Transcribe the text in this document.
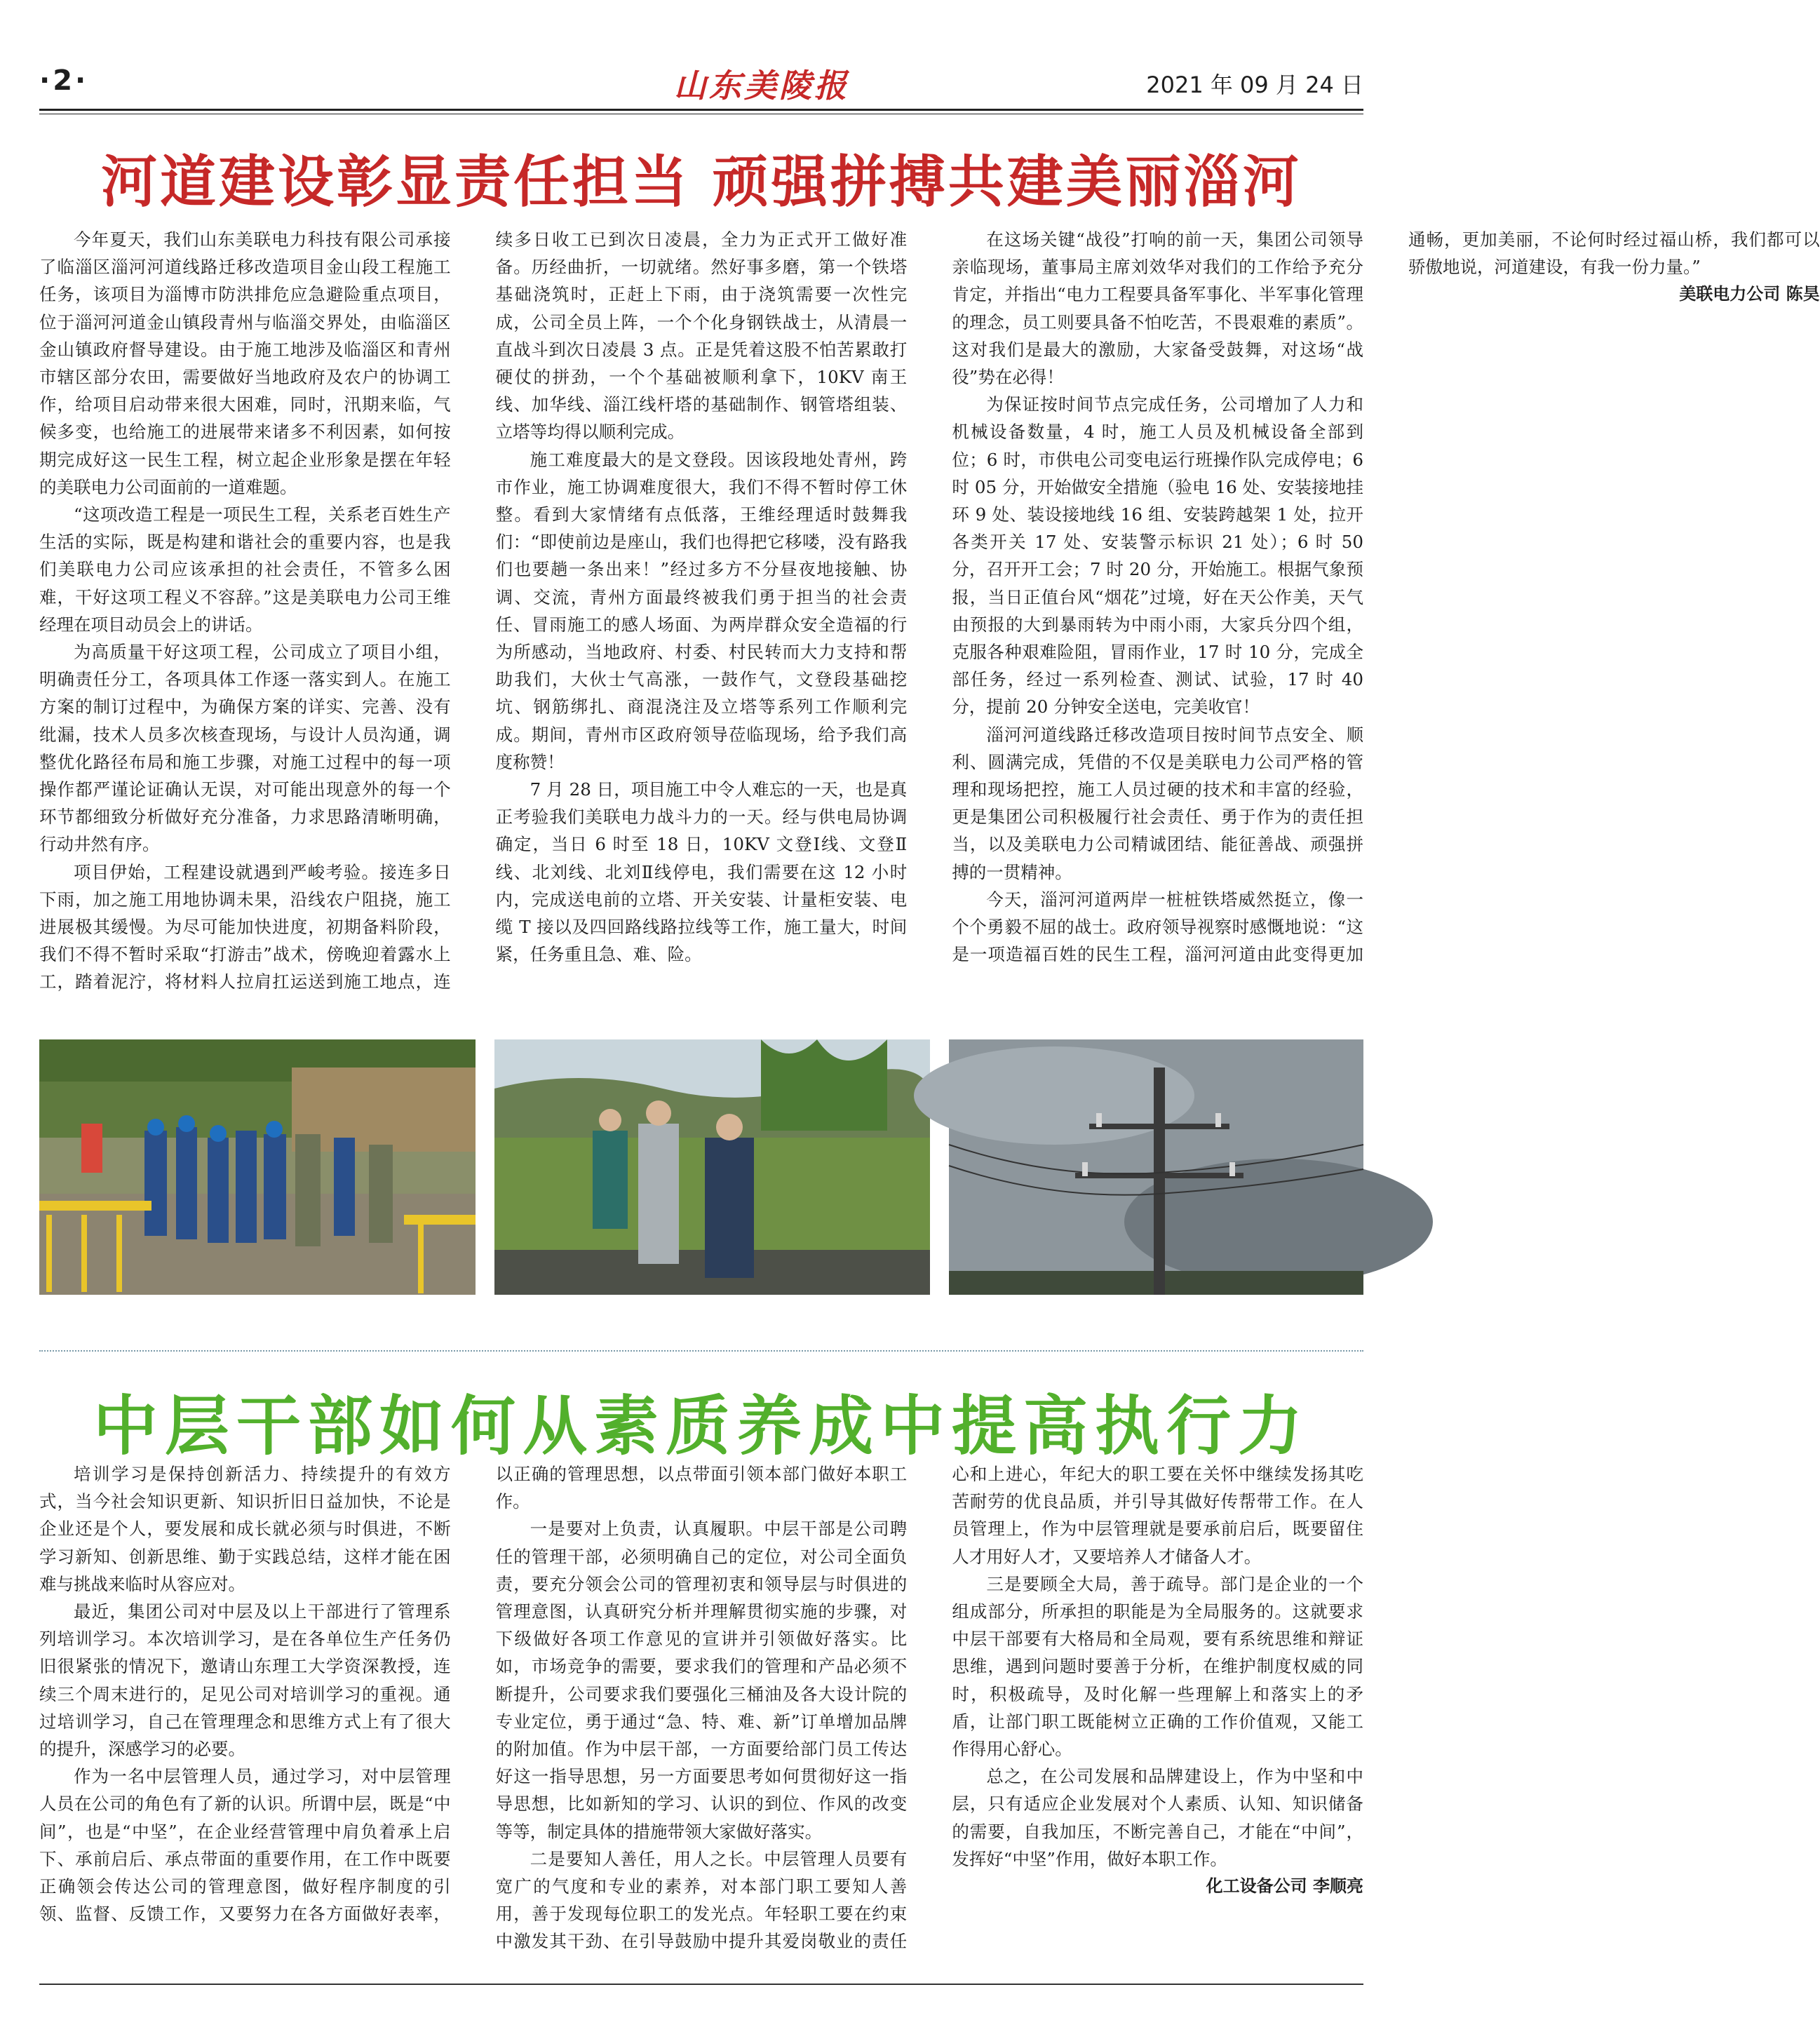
·2·	山东美陵报	2021 年 09 月 24 日
河道建设彰显责任担当 顽强拼搏共建美丽淄河

今年夏天，我们山东美联电力科技有限公司承接了临淄区淄河河道线路迁移改造项目金山段工程施工任务，该项目为淄博市防洪排危应急避险重点项目，位于淄河河道金山镇段青州与临淄交界处，由临淄区金山镇政府督导建设。由于施工地涉及临淄区和青州市辖区部分农田，需要做好当地政府及农户的协调工作，给项目启动带来很大困难，同时，汛期来临，气候多变，也给施工的进展带来诸多不利因素，如何按期完成好这一民生工程，树立起企业形象是摆在年轻的美联电力公司面前的一道难题。

“这项改造工程是一项民生工程，关系老百姓生产生活的实际，既是构建和谐社会的重要内容，也是我们美联电力公司应该承担的社会责任，不管多么困难，干好这项工程义不容辞。”这是美联电力公司王维经理在项目动员会上的讲话。

为高质量干好这项工程，公司成立了项目小组，明确责任分工，各项具体工作逐一落实到人。在施工方案的制订过程中，为确保方案的详实、完善、没有纰漏，技术人员多次核查现场，与设计人员沟通，调整优化路径布局和施工步骤，对施工过程中的每一项操作都严谨论证确认无误，对可能出现意外的每一个环节都细致分析做好充分准备，力求思路清晰明确，行动井然有序。

项目伊始，工程建设就遇到严峻考验。接连多日下雨，加之施工用地协调未果，沿线农户阻挠，施工进展极其缓慢。为尽可能加快进度，初期备料阶段，我们不得不暂时采取“打游击”战术，傍晚迎着露水上工，踏着泥泞，将材料人拉肩扛运送到施工地点，连续多日收工已到次日凌晨，全力为正式开工做好准备。历经曲折，一切就绪。然好事多磨，第一个铁塔基础浇筑时，正赶上下雨，由于浇筑需要一次性完成，公司全员上阵，一个个化身钢铁战士，从清晨一直战斗到次日凌晨 3 点。正是凭着这股不怕苦累敢打硬仗的拼劲，一个个基础被顺利拿下，10KV 南王线、加华线、淄江线杆塔的基础制作、钢管塔组装、立塔等均得以顺利完成。

施工难度最大的是文登段。因该段地处青州，跨市作业，施工协调难度很大，我们不得不暂时停工休整。看到大家情绪有点低落，王维经理适时鼓舞我们：“即使前边是座山，我们也得把它移喽，没有路我们也要趟一条出来！”经过多方不分昼夜地接触、协调、交流，青州方面最终被我们勇于担当的社会责任、冒雨施工的感人场面、为两岸群众安全造福的行为所感动，当地政府、村委、村民转而大力支持和帮助我们，大伙士气高涨，一鼓作气，文登段基础挖坑、钢筋绑扎、商混浇注及立塔等系列工作顺利完成。期间，青州市区政府领导莅临现场，给予我们高度称赞！

7 月 28 日，项目施工中令人难忘的一天，也是真正考验我们美联电力战斗力的一天。经与供电局协调确定，当日 6 时至 18 日，10KV 文登Ⅰ线、文登Ⅱ线、北刘线、北刘Ⅱ线停电，我们需要在这 12 小时内，完成送电前的立塔、开关安装、计量柜安装、电缆 T 接以及四回路线路拉线等工作，施工量大，时间紧，任务重且急、难、险。

在这场关键“战役”打响的前一天，集团公司领导亲临现场，董事局主席刘效华对我们的工作给予充分肯定，并指出“电力工程要具备军事化、半军事化管理的理念，员工则要具备不怕吃苦，不畏艰难的素质”。这对我们是最大的激励，大家备受鼓舞，对这场“战役”势在必得！

为保证按时间节点完成任务，公司增加了人力和机械设备数量，4 时，施工人员及机械设备全部到位；6 时，市供电公司变电运行班操作队完成停电；6 时 05 分，开始做安全措施（验电 16 处、安装接地挂环 9 处、装设接地线 16 组、安装跨越架 1 处，拉开各类开关 17 处、安装警示标识 21 处）；6 时 50 分，召开开工会；7 时 20 分，开始施工。根据气象预报，当日正值台风“烟花”过境，好在天公作美，天气由预报的大到暴雨转为中雨小雨，大家兵分四个组，克服各种艰难险阻，冒雨作业，17 时 10 分，完成全部任务，经过一系列检查、测试、试验，17 时 40 分，提前 20 分钟安全送电，完美收官！

淄河河道线路迁移改造项目按时间节点安全、顺利、圆满完成，凭借的不仅是美联电力公司严格的管理和现场把控，施工人员过硬的技术和丰富的经验，更是集团公司积极履行社会责任、勇于作为的责任担当，以及美联电力公司精诚团结、能征善战、顽强拼搏的一贯精神。

今天，淄河河道两岸一桩桩铁塔威然挺立，像一个个勇毅不屈的战士。政府领导视察时感慨地说：“这是一项造福百姓的民生工程，淄河河道由此变得更加通畅，更加美丽，不论何时经过福山桥，我们都可以骄傲地说，河道建设，有我一份力量。”

美联电力公司 陈昊

中层干部如何从素质养成中提高执行力

培训学习是保持创新活力、持续提升的有效方式，当今社会知识更新、知识折旧日益加快，不论是企业还是个人，要发展和成长就必须与时俱进，不断学习新知、创新思维、勤于实践总结，这样才能在困难与挑战来临时从容应对。

最近，集团公司对中层及以上干部进行了管理系列培训学习。本次培训学习，是在各单位生产任务仍旧很紧张的情况下，邀请山东理工大学资深教授，连续三个周末进行的，足见公司对培训学习的重视。通过培训学习，自己在管理理念和思维方式上有了很大的提升，深感学习的必要。

作为一名中层管理人员，通过学习，对中层管理人员在公司的角色有了新的认识。所谓中层，既是“中间”，也是“中坚”，在企业经营管理中肩负着承上启下、承前启后、承点带面的重要作用，在工作中既要正确领会传达公司的管理意图，做好程序制度的引领、监督、反馈工作，又要努力在各方面做好表率，以正确的管理思想，以点带面引领本部门做好本职工作。

一是要对上负责，认真履职。中层干部是公司聘任的管理干部，必须明确自己的定位，对公司全面负责，要充分领会公司的管理初衷和领导层与时俱进的管理意图，认真研究分析并理解贯彻实施的步骤，对下级做好各项工作意见的宣讲并引领做好落实。比如，市场竞争的需要，要求我们的管理和产品必须不断提升，公司要求我们要强化三桶油及各大设计院的专业定位，勇于通过“急、特、难、新”订单增加品牌的附加值。作为中层干部，一方面要给部门员工传达好这一指导思想，另一方面要思考如何贯彻好这一指导思想，比如新知的学习、认识的到位、作风的改变等等，制定具体的措施带领大家做好落实。

二是要知人善任，用人之长。中层管理人员要有宽广的气度和专业的素养，对本部门职工要知人善用，善于发现每位职工的发光点。年轻职工要在约束中激发其干劲、在引导鼓励中提升其爱岗敬业的责任心和上进心，年纪大的职工要在关怀中继续发扬其吃苦耐劳的优良品质，并引导其做好传帮带工作。在人员管理上，作为中层管理就是要承前启后，既要留住人才用好人才，又要培养人才储备人才。

三是要顾全大局，善于疏导。部门是企业的一个组成部分，所承担的职能是为全局服务的。这就要求中层干部要有大格局和全局观，要有系统思维和辩证思维，遇到问题时要善于分析，在维护制度权威的同时，积极疏导，及时化解一些理解上和落实上的矛盾，让部门职工既能树立正确的工作价值观，又能工作得用心舒心。

总之，在公司发展和品牌建设上，作为中坚和中层，只有适应企业发展对个人素质、认知、知识储备的需要，自我加压，不断完善自己，才能在“中间”，发挥好“中坚”作用，做好本职工作。

化工设备公司 李顺亮
